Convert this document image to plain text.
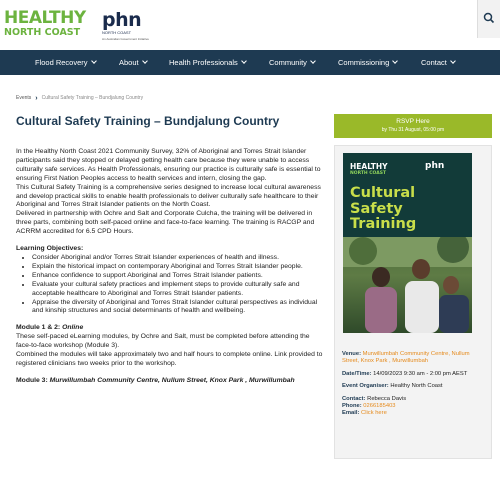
HEALTHY
NORTH COAST
phn
NORTH COAST
An Australian Government Initiative
Flood Recovery	About	Health Professionals	Community	Commissioning	Contact
Events › Cultural Safety Training – Bundjalung Country
Cultural Safety Training – Bundjalung Country

In the Healthy North Coast 2021 Community Survey, 32% of Aboriginal and Torres Strait Islander participants said they stopped or delayed getting health care because they were unable to access culturally safe services. As Health Professionals, ensuring our practice is culturally safe is essential to ensuring First Nation Peoples access to health services and intern, closing the gap.

This Cultural Safety Training is a comprehensive series designed to increase local cultural awareness and develop practical skills to enable health professionals to deliver culturally safe healthcare to their Aboriginal and Torres Strait Islander patients on the North Coast.

Delivered in partnership with Ochre and Salt and Corporate Culcha, the training will be delivered in three parts, combining both self-paced online and face-to-face learning. The training is RACGP and ACRRM accredited for 6.5 CPD Hours.

Learning Objectives:

• Consider Aboriginal and/or Torres Strait Islander experiences of health and illness.
• Explain the historical impact on contemporary Aboriginal and Torres Strait Islander people.
• Enhance confidence to support Aboriginal and Torres Strait Islander patients.
• Evaluate your cultural safety practices and implement steps to provide culturally safe and acceptable healthcare to Aboriginal and Torres Strait Islander patients.
• Appraise the diversity of Aboriginal and Torres Strait Islander cultural perspectives as individual and kinship structures and social determinants of health and wellbeing.

Module 1 & 2: Online

These self-paced eLearning modules, by Ochre and Salt, must be completed before attending the face-to-face workshop (Module 3).

Combined the modules will take approximately two and half hours to complete online. Link provided to registered clinicians two weeks prior to the workshop.

Module 3: Murwillumbah Community Centre, Nullum Street, Knox Park , Murwillumbah

RSVP Here
by Thu 31 August, 05:00 pm
HEALTHY
NORTH COAST
phn
Cultural
Safety
Training
Venue: Murwillumbah Community Centre, Nullum Street, Knox Park , Murwillumbah
Date/Time: 14/09/2023 9:30 am - 2:00 pm AEST
Event Organiser: Healthy North Coast
Contact: Rebecca Davis
Phone: 0266185403
Email: Click here
